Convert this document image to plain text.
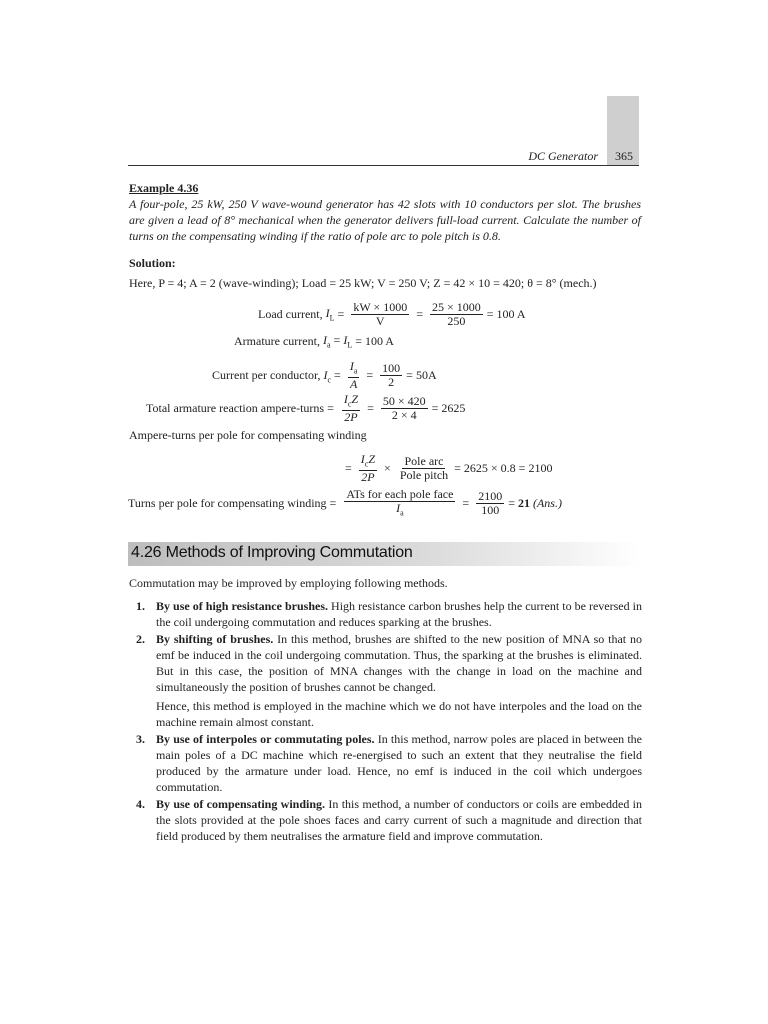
DC Generator	365
Example 4.36
A four-pole, 25 kW, 250 V wave-wound generator has 42 slots with 10 conductors per slot. The brushes are given a lead of 8° mechanical when the generator delivers full-load current. Calculate the number of turns on the compensating winding if the ratio of pole arc to pole pitch is 0.8.
Solution:
Here, P = 4; A = 2 (wave-winding); Load = 25 kW; V = 250 V; Z = 42 × 10 = 420; θ = 8° (mech.)
Load current, $I_L = \frac{kW \times 1000}{V} = \frac{25 \times 1000}{250} = 100$ A
Armature current, $I_a = I_L = 100$ A
Current per conductor, $I_c = \frac{I_a}{A} = \frac{100}{2} = 50A$
Total armature reaction ampere-turns = $\frac{I_cZ}{2P} = \frac{50 \times 420}{2 \times 4} = 2625$
Ampere-turns per pole for compensating winding
= $\frac{I_cZ}{2P} \times \frac{\text{Pole arc}}{\text{Pole pitch}} = 2625 \times 0.8 = 2100$
Turns per pole for compensating winding = $\frac{\text{ATs for each pole face}}{I_a} = \frac{2100}{100} = 21$ (Ans.)
4.26 Methods of Improving Commutation
Commutation may be improved by employing following methods.
1. By use of high resistance brushes. High resistance carbon brushes help the current to be reversed in the coil undergoing commutation and reduces sparking at the brushes.
2. By shifting of brushes. In this method, brushes are shifted to the new position of MNA so that no emf be induced in the coil undergoing commutation. Thus, the sparking at the brushes is eliminated. But in this case, the position of MNA changes with the change in load on the machine and simultaneously the position of brushes cannot be changed.
Hence, this method is employed in the machine which we do not have interpoles and the load on the machine remain almost constant.
3. By use of interpoles or commutating poles. In this method, narrow poles are placed in between the main poles of a DC machine which re-energised to such an extent that they neutralise the field produced by the armature under load. Hence, no emf is induced in the coil which undergoes commutation.
4. By use of compensating winding. In this method, a number of conductors or coils are embedded in the slots provided at the pole shoes faces and carry current of such a magnitude and direction that field produced by them neutralises the armature field and improve commutation.
